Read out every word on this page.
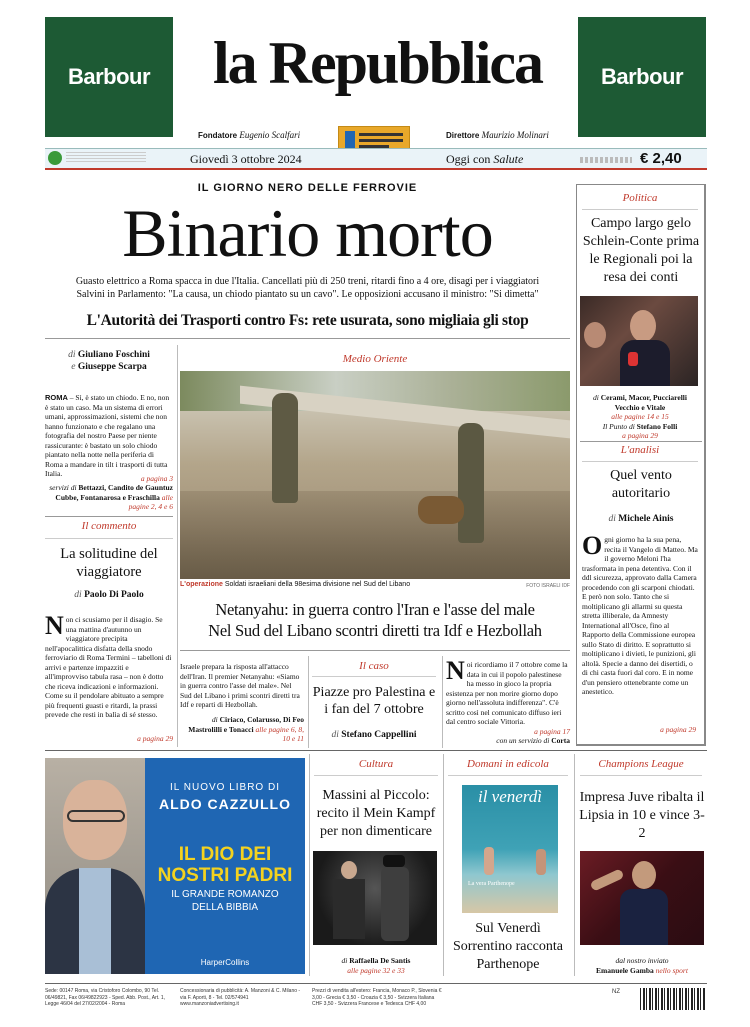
Barbour	Barbour
la Repubblica
Fondatore Eugenio Scalfari	Direttore Maurizio Molinari
Giovedì 3 ottobre 2024	Oggi con Salute	€ 2,40
IL GIORNO NERO DELLE FERROVIE
Binario morto
Guasto elettrico a Roma spacca in due l'Italia. Cancellati più di 250 treni, ritardi fino a 4 ore, disagi per i viaggiatori
Salvini in Parlamento: "La causa, un chiodo piantato su un cavo". Le opposizioni accusano il ministro: "Si dimetta"
L'Autorità dei Trasporti contro Fs: rete usurata, sono migliaia gli stop
di Giuliano Foschini
e Giuseppe Scarpa
ROMA – Sì, è stato un chiodo. E no, non è stato un caso. Ma un sistema di errori umani, approssimazioni, sistemi che non hanno funzionato e che regalano una fotografia del nostro Paese per niente rassicurante: è bastato un solo chiodo piantato nella notte nella periferia di Roma a mandare in tilt i trasporti di tutta Italia.
a pagina 3
servizi di Bettazzi, Candito de Gauntuz Cubbe, Fontanarosa e Fraschilla alle pagine 2, 4 e 6
Il commento
La solitudine del viaggiatore
di Paolo Di Paolo
Non ci scusiamo per il disagio. Se una mattina d'autunno un viaggiatore precipita nell'apocalittica disfatta della snodo ferroviario di Roma Termini – tabelloni di arrivi e partenze impazziti e all'improvviso tabula rasa – non è dotto che riceva indicazioni e informazioni. Come su il pendolare abituato a sempre più frequenti guasti e ritardi, la prassi prevede che resti in balìa di sé stesso.
a pagina 29
Medio Oriente
L'operazione Soldati israeliani della 98esima divisione nel Sud del Libano	FOTO ISRAELI IDF
Netanyahu: in guerra contro l'Iran e l'asse del male
Nel Sud del Libano scontri diretti tra Idf e Hezbollah
Israele prepara la risposta all'attacco dell'Iran. Il premier Netanyahu: «Siamo in guerra contro l'asse del male». Nel Sud del Libano i primi scontri diretti tra Idf e reparti di Hezbollah.
di Ciriaco, Colarusso, Di Feo Mastrolilli e Tonacci alle pagine 6, 8, 10 e 11
Il caso
Piazze pro Palestina e i fan del 7 ottobre
di Stefano Cappellini
Noi ricordiamo il 7 ottobre come la data in cui il popolo palestinese ha messo in gioco la propria esistenza per non morire giorno dopo giorno nell'assoluta indifferenza". C'è scritto così nel comunicato diffuso ieri dal centro sociale Vittoria.
a pagina 17
con un servizio di Corta
Politica
Campo largo gelo Schlein-Conte prima le Regionali poi la resa dei conti
di Cerami, Macor, Pucciarelli Vecchio e Vitale
alle pagine 14 e 15
Il Punto di Stefano Folli
a pagina 29
L'analisi
Quel vento autoritario
di Michele Ainis
Ogni giorno ha la sua pena, recita il Vangelo di Matteo. Ma il governo Meloni l'ha trasformata in pena detentiva. Con il ddl sicurezza, approvato dalla Camera procedendo con gli scarponi chiodati. E però non solo. Tanto che si moltiplicano gli allarmi su questa stretta illiberale, da Amnesty International all'Osce, fino al Rapporto della Commissione europea sullo Stato di diritto. E soprattutto si moltiplicano i divieti, le punizioni, gli altolà. Specie a danno dei disertidi, o di chi casta fuori dal coro. E in nome d'un pensiero ottenebrante come un anestetico.
a pagina 29
IL NUOVO LIBRO DI
ALDO CAZZULLO
IL DIO DEI
NOSTRI PADRI
IL GRANDE ROMANZO
DELLA BIBBIA
HarperCollins
Cultura
Massini al Piccolo: recito il Mein Kampf per non dimenticare
di Raffaella De Santis
alle pagine 32 e 33
Domani in edicola
il venerdì
La vera Parthenope
Sul Venerdì Sorrentino racconta Parthenope
Champions League
Impresa Juve ribalta il Lipsia in 10 e vince 3-2
dal nostro inviato
Emanuele Gamba nello sport
Sede: 00147 Roma, via Cristoforo Colombo, 90 Tel. 06/49821, Fax 06/49822923 - Sped. Abb. Post., Art. 1, Legge 46/04 del 27/02/2004 - Roma
Concessionaria di pubblicità: A. Manzoni & C. Milano - via F. Aporti, 8 - Tel. 02/574941 www.manzoniadvertising.it
Prezzi di vendita all'estero: Francia, Monaco P., Slovenia € 3,00 - Grecia € 3,50 - Croazia € 3,50 - Svizzera Italiana CHF 3,50 - Svizzera Francese e Tedesca CHF 4,00
NZ
